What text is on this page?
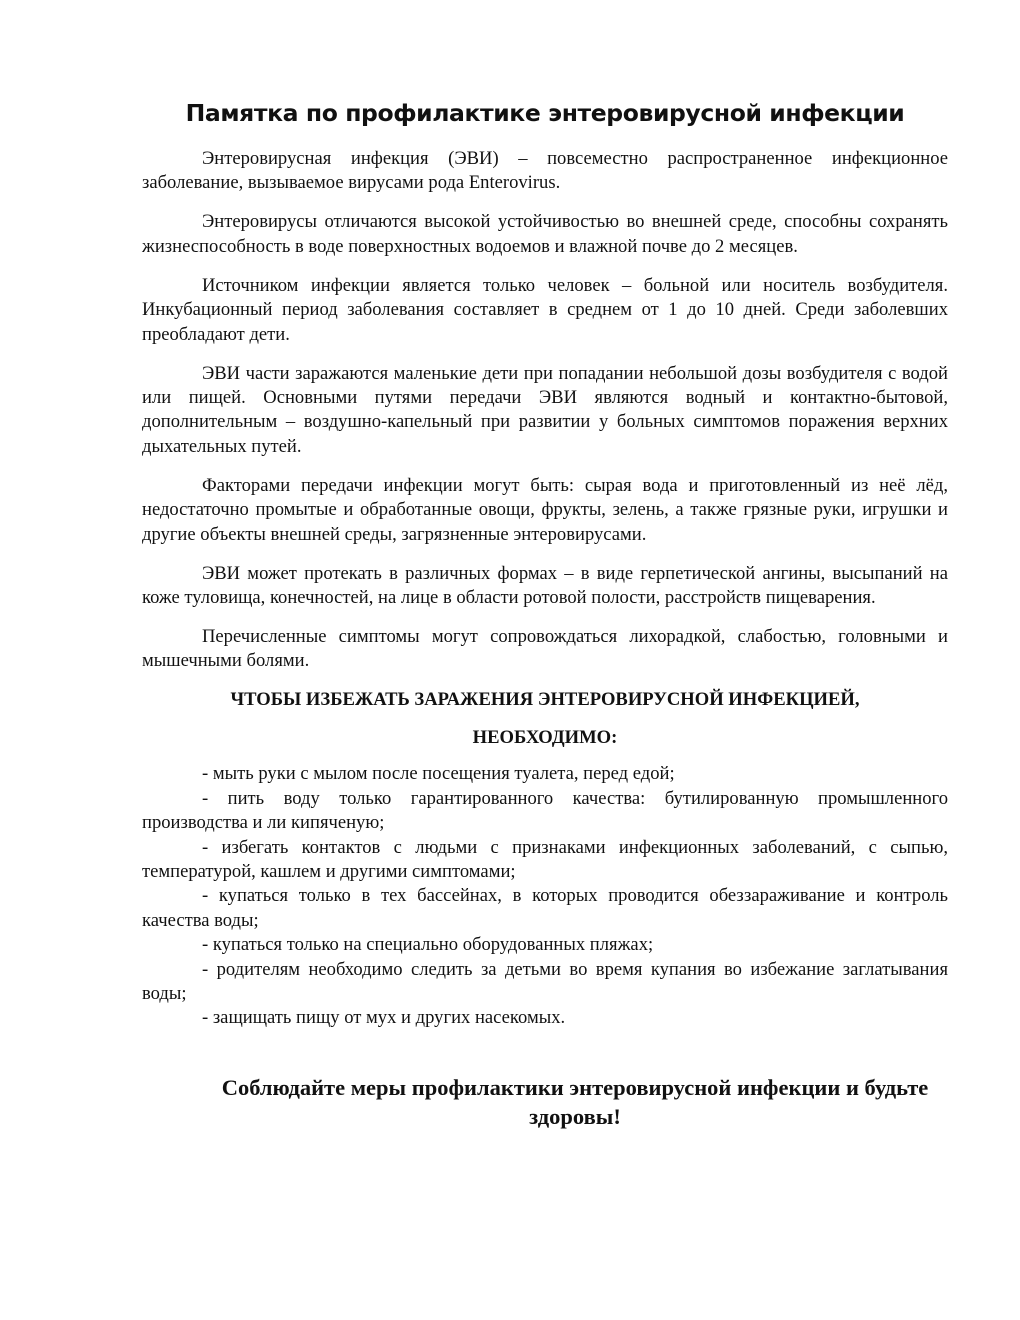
Памятка по профилактике энтеровирусной инфекции

Энтеровирусная инфекция (ЭВИ) – повсеместно распространенное инфекционное заболевание, вызываемое вирусами рода Enterovirus.

Энтеровирусы отличаются высокой устойчивостью во внешней среде, способны сохранять жизнеспособность в воде поверхностных водоемов и влажной почве до 2 месяцев.

Источником инфекции является только человек – больной или носитель возбудителя. Инкубационный период заболевания составляет в среднем от 1 до 10 дней. Среди заболевших преобладают дети.

ЭВИ части заражаются маленькие дети при попадании небольшой дозы возбудителя с водой или пищей. Основными путями передачи ЭВИ являются водный и контактно-бытовой, дополнительным – воздушно-капельный при развитии у больных симптомов поражения верхних дыхательных путей.

Факторами передачи инфекции могут быть: сырая вода и приготовленный из неё лёд, недостаточно промытые и обработанные овощи, фрукты, зелень, а также грязные руки, игрушки и другие объекты внешней среды, загрязненные энтеровирусами.

ЭВИ может протекать в различных формах – в виде герпетической ангины, высыпаний на коже туловища, конечностей, на лице в области ротовой полости, расстройств пищеварения.

Перечисленные симптомы могут сопровождаться лихорадкой, слабостью, головными и мышечными болями.

ЧТОБЫ ИЗБЕЖАТЬ ЗАРАЖЕНИЯ ЭНТЕРОВИРУСНОЙ ИНФЕКЦИЕЙ,

НЕОБХОДИМО:

- мыть руки с мылом после посещения туалета, перед едой;

- пить воду только гарантированного качества: бутилированную промышленного производства и ли кипяченую;

- избегать контактов с людьми с признаками инфекционных заболеваний, с сыпью, температурой, кашлем и другими симптомами;

- купаться только в тех бассейнах, в которых проводится обеззараживание и контроль качества воды;

- купаться только на специально оборудованных пляжах;

- родителям необходимо следить за детьми во время купания во избежание заглатывания воды;

- защищать пищу от мух и других насекомых.

Соблюдайте меры профилактики энтеровирусной инфекции и будьте здоровы!
